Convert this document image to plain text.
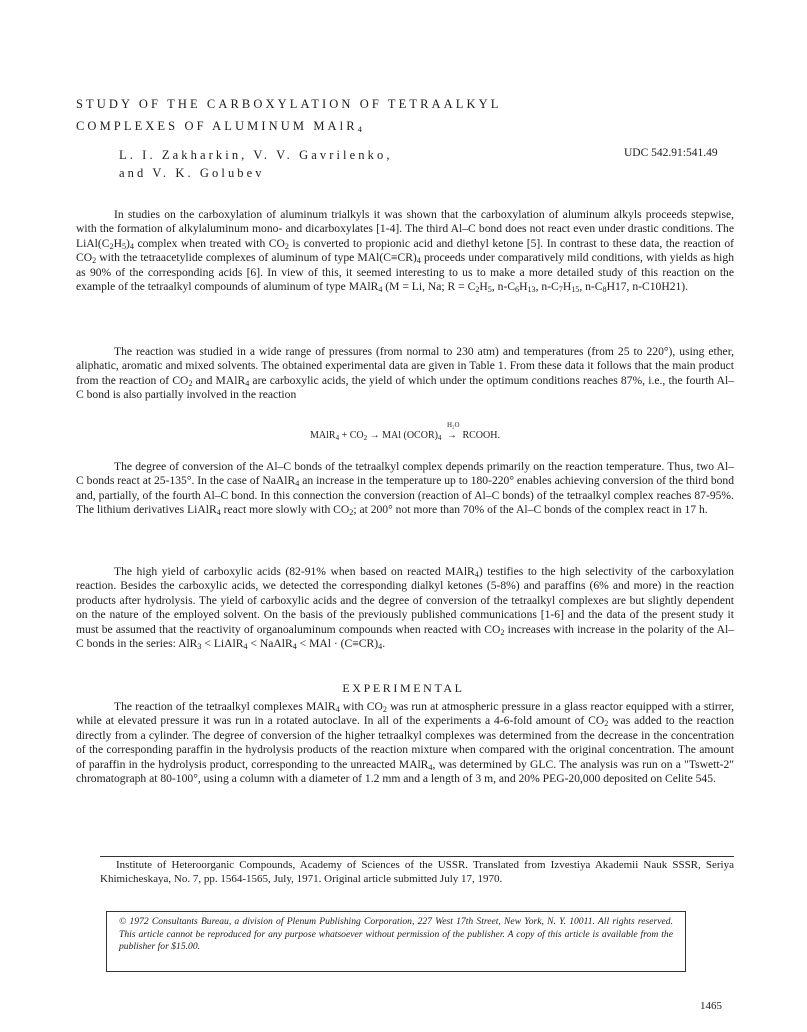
STUDY OF THE CARBOXYLATION OF TETRAALKYL
COMPLEXES OF ALUMINUM MAlR$_4$
L. I. Zakharkin, V. V. Gavrilenko,
and V. K. Golubev
UDC 542.91:541.49

In studies on the carboxylation of aluminum trialkyls it was shown that the carboxylation of aluminum alkyls proceeds stepwise, with the formation of alkylaluminum mono- and dicarboxylates [1-4]. The third Al–C bond does not react even under drastic conditions. The $LiAl(C_2H_5)_4$ complex when treated with $CO_2$ is converted to propionic acid and diethyl ketone [5]. In contrast to these data, the reaction of $CO_2$ with the tetraacetylide complexes of aluminum of type $MAl(C\equiv CR)_4$ proceeds under comparatively mild conditions, with yields as high as 90% of the corresponding acids [6]. In view of this, it seemed interesting to us to make a more detailed study of this reaction on the example of the tetraalkyl compounds of aluminum of type MAlR$_4$ (M = Li, Na; $R = C_2H_5$, $n-C_6H_{13}$, $n-C_7H_{15}$, $n-C_8H17$, n-C10H21).

The reaction was studied in a wide range of pressures (from normal to 230 atm) and temperatures (from 25 to 220°), using ether, aliphatic, aromatic and mixed solvents. The obtained experimental data are given in Table 1. From these data it follows that the main product from the reaction of $CO_2$ and MAlR$_4$ are carboxylic acids, the yield of which under the optimum conditions reaches 87%, i.e., the fourth Al–C bond is also partially involved in the reaction

MAlR$_4$ + $CO_2$ → MAl $(OCOR)_4$
H₂O
→ RCOOH.

The degree of conversion of the Al–C bonds of the tetraalkyl complex depends primarily on the reaction temperature. Thus, two Al–C bonds react at 25-135°. In the case of NaAlR$_4$ an increase in the temperature up to 180-220° enables achieving conversion of the third bond and, partially, of the fourth Al–C bond. In this connection the conversion (reaction of Al–C bonds) of the tetraalkyl complex reaches 87-95%. The lithium derivatives LiAlR$_4$ react more slowly with $CO_2$; at 200° not more than 70% of the Al–C bonds of the complex react in 17 h.

The high yield of carboxylic acids (82-91% when based on reacted MAlR$_4$) testifies to the high selectivity of the carboxylation reaction. Besides the carboxylic acids, we detected the corresponding dialkyl ketones (5-8%) and paraffins (6% and more) in the reaction products after hydrolysis. The yield of carboxylic acids and the degree of conversion of the tetraalkyl complexes are but slightly dependent on the nature of the employed solvent. On the basis of the previously published communications [1-6] and the data of the present study it must be assumed that the reactivity of organoaluminum compounds when reacted with $CO_2$ increases with increase in the polarity of the Al–C bonds in the series: AlR$_3$ < LiAlR$_4$ < NaAlR$_4$ < MAl · $(C\equiv CR)_4$.

EXPERIMENTAL

The reaction of the tetraalkyl complexes MAlR$_4$ with $CO_2$ was run at atmospheric pressure in a glass reactor equipped with a stirrer, while at elevated pressure it was run in a rotated autoclave. In all of the experiments a 4-6-fold amount of $CO_2$ was added to the reaction directly from a cylinder. The degree of conversion of the higher tetraalkyl complexes was determined from the decrease in the concentration of the corresponding paraffin in the hydrolysis products of the reaction mixture when compared with the original concentration. The amount of paraffin in the hydrolysis product, corresponding to the unreacted MAlR$_4$, was determined by GLC. The analysis was run on a "Tswett-2" chromatograph at 80-100°, using a column with a diameter of 1.2 mm and a length of 3 m, and 20% PEG-20,000 deposited on Celite 545.

Institute of Heteroorganic Compounds, Academy of Sciences of the USSR. Translated from Izvestiya Akademii Nauk SSSR, Seriya Khimicheskaya, No. 7, pp. 1564-1565, July, 1971. Original article submitted July 17, 1970.

© 1972 Consultants Bureau, a division of Plenum Publishing Corporation, 227 West 17th Street, New York, N. Y. 10011. All rights reserved. This article cannot be reproduced for any purpose whatsoever without permission of the publisher. A copy of this article is available from the publisher for $15.00.
1465
